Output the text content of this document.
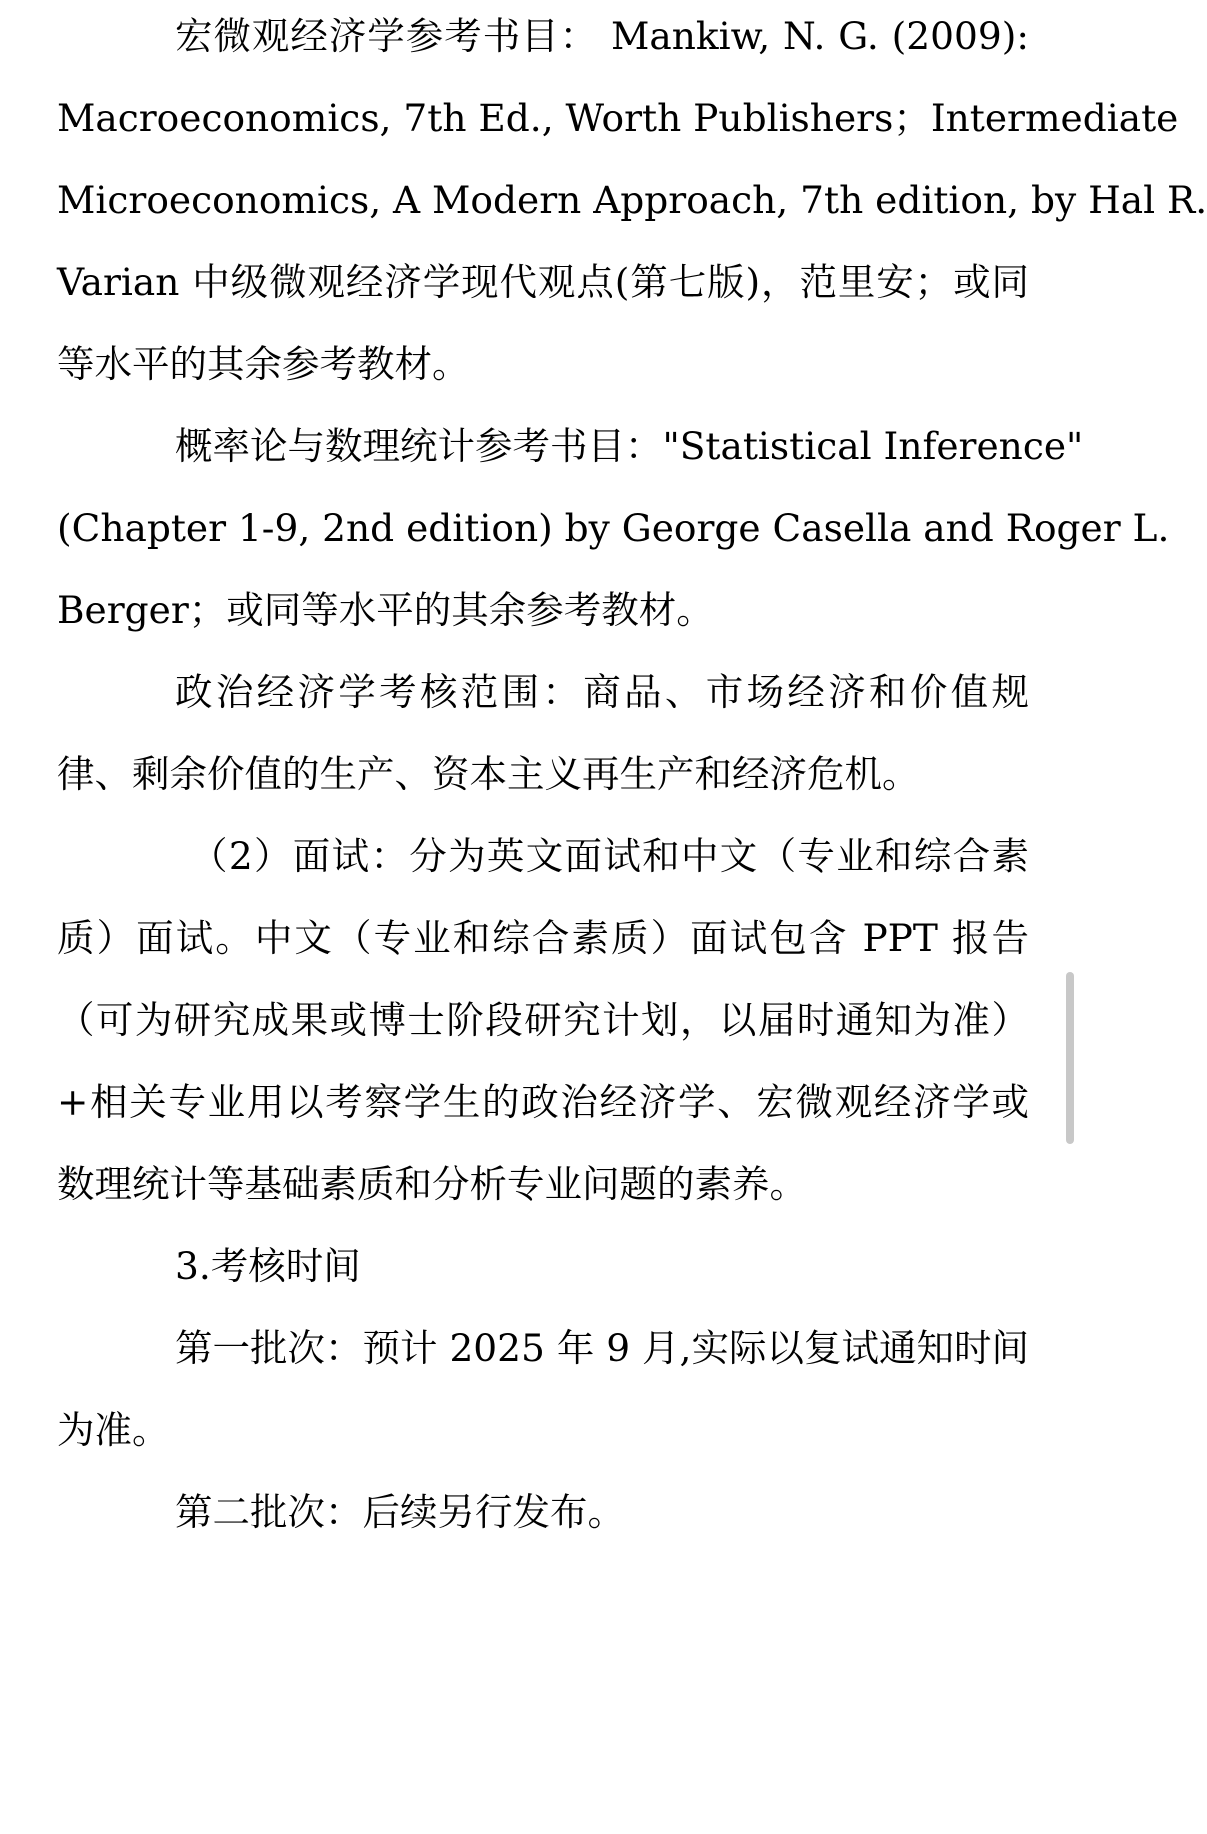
宏微观经济学参考书目： Mankiw, N. G. (2009):
Macroeconomics, 7th Ed., Worth Publishers；Intermediate
Microeconomics, A Modern Approach, 7th edition, by Hal R.
Varian 中级微观经济学现代观点(第七版)，范里安；或同
等水平的其余参考教材。
概率论与数理统计参考书目："Statistical Inference"
(Chapter 1-9, 2nd edition) by George Casella and Roger L.
Berger；或同等水平的其余参考教材。
政治经济学考核范围：商品、市场经济和价值规
律、剩余价值的生产、资本主义再生产和经济危机。
（2）面试：分为英文面试和中文（专业和综合素
质）面试。中文（专业和综合素质）面试包含 PPT 报告
（可为研究成果或博士阶段研究计划，以届时通知为准）
+相关专业用以考察学生的政治经济学、宏微观经济学或
数理统计等基础素质和分析专业问题的素养。
3.考核时间
第一批次：预计 2025 年 9 月,实际以复试通知时间
为准。
第二批次：后续另行发布。
